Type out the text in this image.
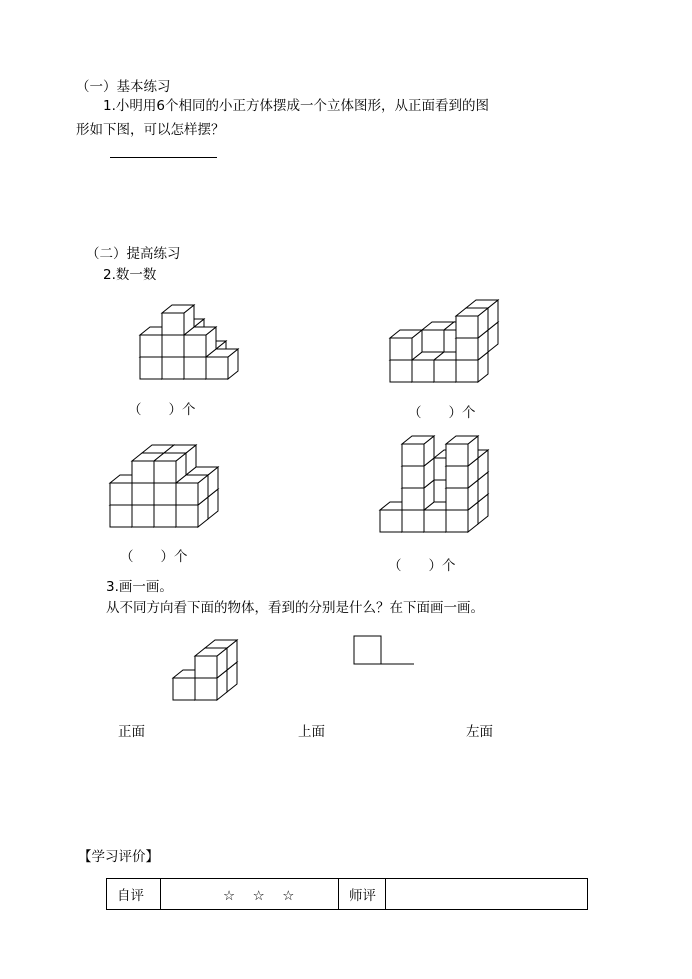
（一）基本练习
1.小明用6个相同的小正方体摆成一个立体图形，从正面看到的图
形如下图，可以怎样摆？
（二）提高练习
2.数一数
（　　）个	（　　）个
（　　）个
（　　）个
3.画一画。
从不同方向看下面的物体，看到的分别是什么？在下面画一画。
正面	上面	左面
【学习评价】
自评	☆　☆　☆	师评	
